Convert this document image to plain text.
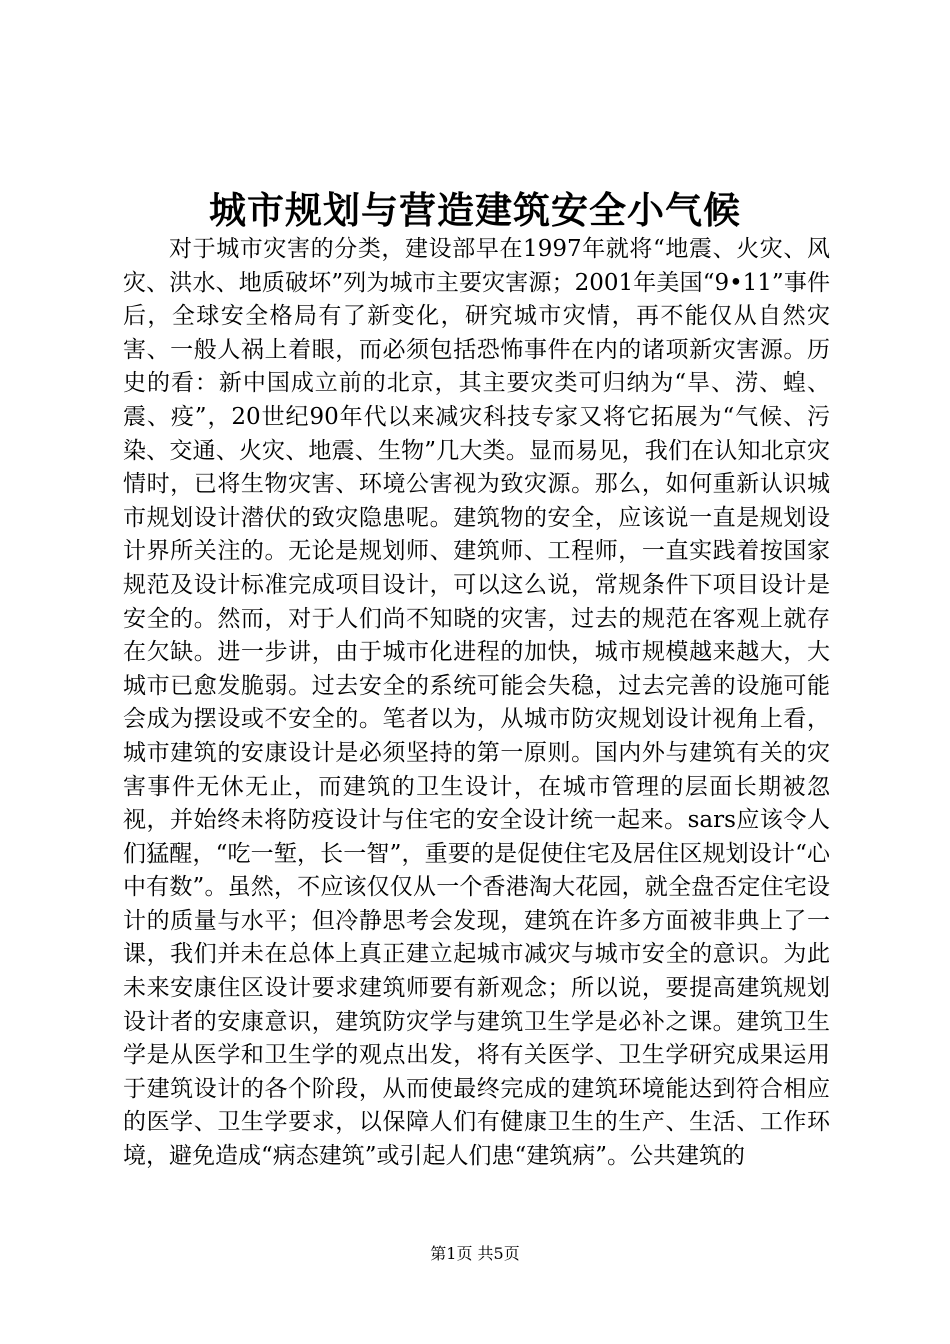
城市规划与营造建筑安全小气候

对于城市灾害的分类，建设部早在1997年就将“地震、火灾、风灾、洪水、地质破坏”列为城市主要灾害源；2001年美国“9•11”事件后，全球安全格局有了新变化，研究城市灾情，再不能仅从自然灾害、一般人祸上着眼，而必须包括恐怖事件在内的诸项新灾害源。历史的看：新中国成立前的北京，其主要灾类可归纳为“旱、涝、蝗、震、疫”，20世纪90年代以来减灾科技专家又将它拓展为“气候、污染、交通、火灾、地震、生物”几大类。显而易见，我们在认知北京灾情时，已将生物灾害、环境公害视为致灾源。那么，如何重新认识城市规划设计潜伏的致灾隐患呢。建筑物的安全，应该说一直是规划设计界所关注的。无论是规划师、建筑师、工程师，一直实践着按国家规范及设计标准完成项目设计，可以这么说，常规条件下项目设计是安全的。然而，对于人们尚不知晓的灾害，过去的规范在客观上就存在欠缺。进一步讲，由于城市化进程的加快，城市规模越来越大，大城市已愈发脆弱。过去安全的系统可能会失稳，过去完善的设施可能会成为摆设或不安全的。笔者以为，从城市防灾规划设计视角上看，城市建筑的安康设计是必须坚持的第一原则。国内外与建筑有关的灾害事件无休无止，而建筑的卫生设计，在城市管理的层面长期被忽视，并始终未将防疫设计与住宅的安全设计统一起来。sars应该令人们猛醒，“吃一堑，长一智”，重要的是促使住宅及居住区规划设计“心中有数”。虽然，不应该仅仅从一个香港淘大花园，就全盘否定住宅设计的质量与水平；但冷静思考会发现，建筑在许多方面被非典上了一课，我们并未在总体上真正建立起城市减灾与城市安全的意识。为此未来安康住区设计要求建筑师要有新观念；所以说，要提高建筑规划设计者的安康意识，建筑防灾学与建筑卫生学是必补之课。建筑卫生学是从医学和卫生学的观点出发，将有关医学、卫生学研究成果运用于建筑设计的各个阶段，从而使最终完成的建筑环境能达到符合相应的医学、卫生学要求，以保障人们有健康卫生的生产、生活、工作环境，避免造成“病态建筑”或引起人们患“建筑病”。公共建筑的

第1页 共5页
